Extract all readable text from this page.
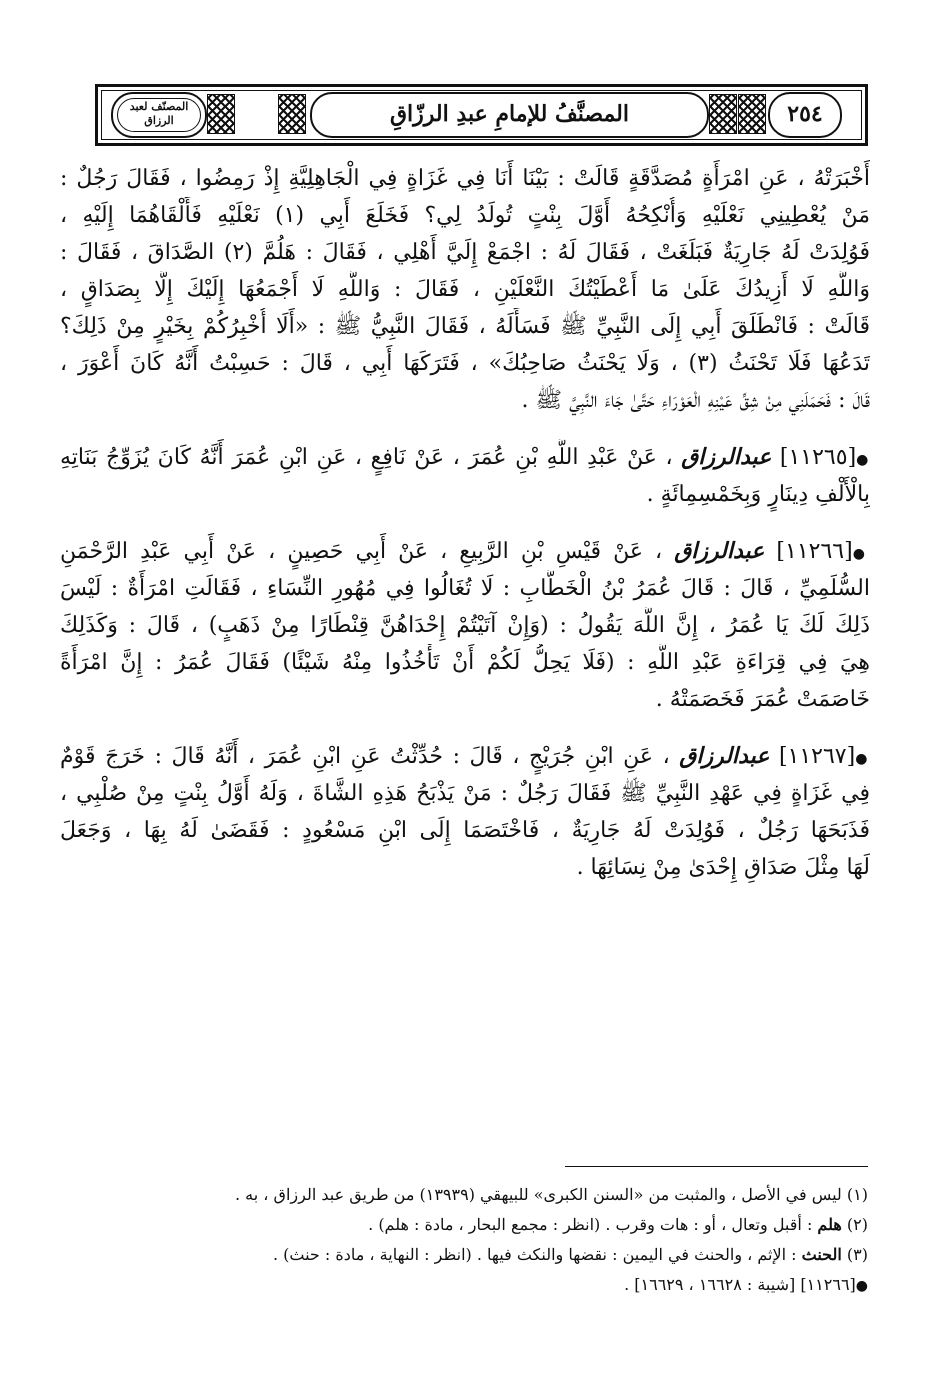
المصنّف لعبد الرزاق	المصنَّفُ للإمامِ عبدِ الرزّاقِ	٢٥٤
أَخْبَرَتْهُ ، عَنِ امْرَأَةٍ مُصَدَّقَةٍ قَالَتْ : بَيْنَا أَنَا فِي غَزَاةٍ فِي الْجَاهِلِيَّةِ إِذْ رَمِضُوا ، فَقَالَ رَجُلٌ :
مَنْ يُعْطِينِي نَعْلَيْهِ وَأُنْكِحُهُ أَوَّلَ بِنْتٍ تُولَدُ لِي؟ فَخَلَعَ أَبِي (١) نَعْلَيْهِ فَأَلْقَاهُمَا إِلَيْهِ ،
فَوُلِدَتْ لَهُ جَارِيَةٌ فَبَلَغَتْ ، فَقَالَ لَهُ : اجْمَعْ إِلَيَّ أَهْلِي ، فَقَالَ : هَلُمَّ (٢) الصَّدَاقَ ، فَقَالَ :
وَاللَّهِ لَا أَزِيدُكَ عَلَىٰ مَا أَعْطَيْتُكَ النَّعْلَيْنِ ، فَقَالَ : وَاللَّهِ لَا أَجْمَعُهَا إِلَيْكَ إِلَّا بِصَدَاقٍ ،
قَالَتْ : فَانْطَلَقَ أَبِي إِلَى النَّبِيِّ ﷺ فَسَأَلَهُ ، فَقَالَ النَّبِيُّ ﷺ : «أَلَا أُخْبِرُكُمْ بِخَيْرٍ مِنْ ذَلِكَ؟
تَدَعُهَا فَلَا تَحْنَثُ (٣) ، وَلَا يَحْنَثُ صَاحِبُكَ» ، فَتَرَكَهَا أَبِي ، قَالَ : حَسِبْتُ أَنَّهُ كَانَ أَعْوَرَ ،
قَالَ : فَحَمَلَنِي مِنْ شِقِّ عَيْنِهِ الْعَوْرَاءِ حَتَّىٰ جَاءَ النَّبِيَّ ﷺ .
●[١١٢٦٥] عبدالرزاق ، عَنْ عَبْدِ اللَّهِ بْنِ عُمَرَ ، عَنْ نَافِعٍ ، عَنِ ابْنِ عُمَرَ أَنَّهُ كَانَ يُزَوِّجُ بَنَاتِهِ
بِالْأَلْفِ دِينَارٍ وَبِخَمْسِمِائَةٍ .
●[١١٢٦٦] عبدالرزاق ، عَنْ قَيْسِ بْنِ الرَّبِيعِ ، عَنْ أَبِي حَصِينٍ ، عَنْ أَبِي عَبْدِ الرَّحْمَنِ
السُّلَمِيِّ ، قَالَ : قَالَ عُمَرُ بْنُ الْخَطَّابِ : لَا تُغَالُوا فِي مُهُورِ النِّسَاءِ ، فَقَالَتِ امْرَأَةٌ : لَيْسَ
ذَلِكَ لَكَ يَا عُمَرُ ، إِنَّ اللَّهَ يَقُولُ : (وَإِنْ آتَيْتُمْ إِحْدَاهُنَّ قِنْطَارًا مِنْ ذَهَبٍ) ، قَالَ : وَكَذَلِكَ
هِيَ فِي قِرَاءَةِ عَبْدِ اللَّهِ : (فَلَا يَحِلُّ لَكُمْ أَنْ تَأْخُذُوا مِنْهُ شَيْئًا) فَقَالَ عُمَرُ : إِنَّ امْرَأَةً
خَاصَمَتْ عُمَرَ فَخَصَمَتْهُ .
●[١١٢٦٧] عبدالرزاق ، عَنِ ابْنِ جُرَيْجٍ ، قَالَ : حُدِّثْتُ عَنِ ابْنِ عُمَرَ ، أَنَّهُ قَالَ : خَرَجَ قَوْمٌ
فِي غَزَاةٍ فِي عَهْدِ النَّبِيِّ ﷺ فَقَالَ رَجُلٌ : مَنْ يَذْبَحُ هَذِهِ الشَّاةَ ، وَلَهُ أَوَّلُ بِنْتٍ مِنْ صُلْبِي ،
فَذَبَحَهَا رَجُلٌ ، فَوُلِدَتْ لَهُ جَارِيَةٌ ، فَاخْتَصَمَا إِلَى ابْنِ مَسْعُودٍ : فَقَضَىٰ لَهُ بِهَا ، وَجَعَلَ
لَهَا مِثْلَ صَدَاقِ إِحْدَىٰ مِنْ نِسَائِهَا .
(١) ليس في الأصل ، والمثبت من «السنن الكبرى» للبيهقي (١٣٩٣٩) من طريق عبد الرزاق ، به .
(٢) هلم : أقبل وتعال ، أو : هات وقرب . (انظر : مجمع البحار ، مادة : هلم) .
(٣) الحنث : الإثم ، والحنث في اليمين : نقضها والنكث فيها . (انظر : النهاية ، مادة : حنث) .
●[١١٢٦٦] [شيبة : ١٦٦٢٨ ، ١٦٦٢٩] .
